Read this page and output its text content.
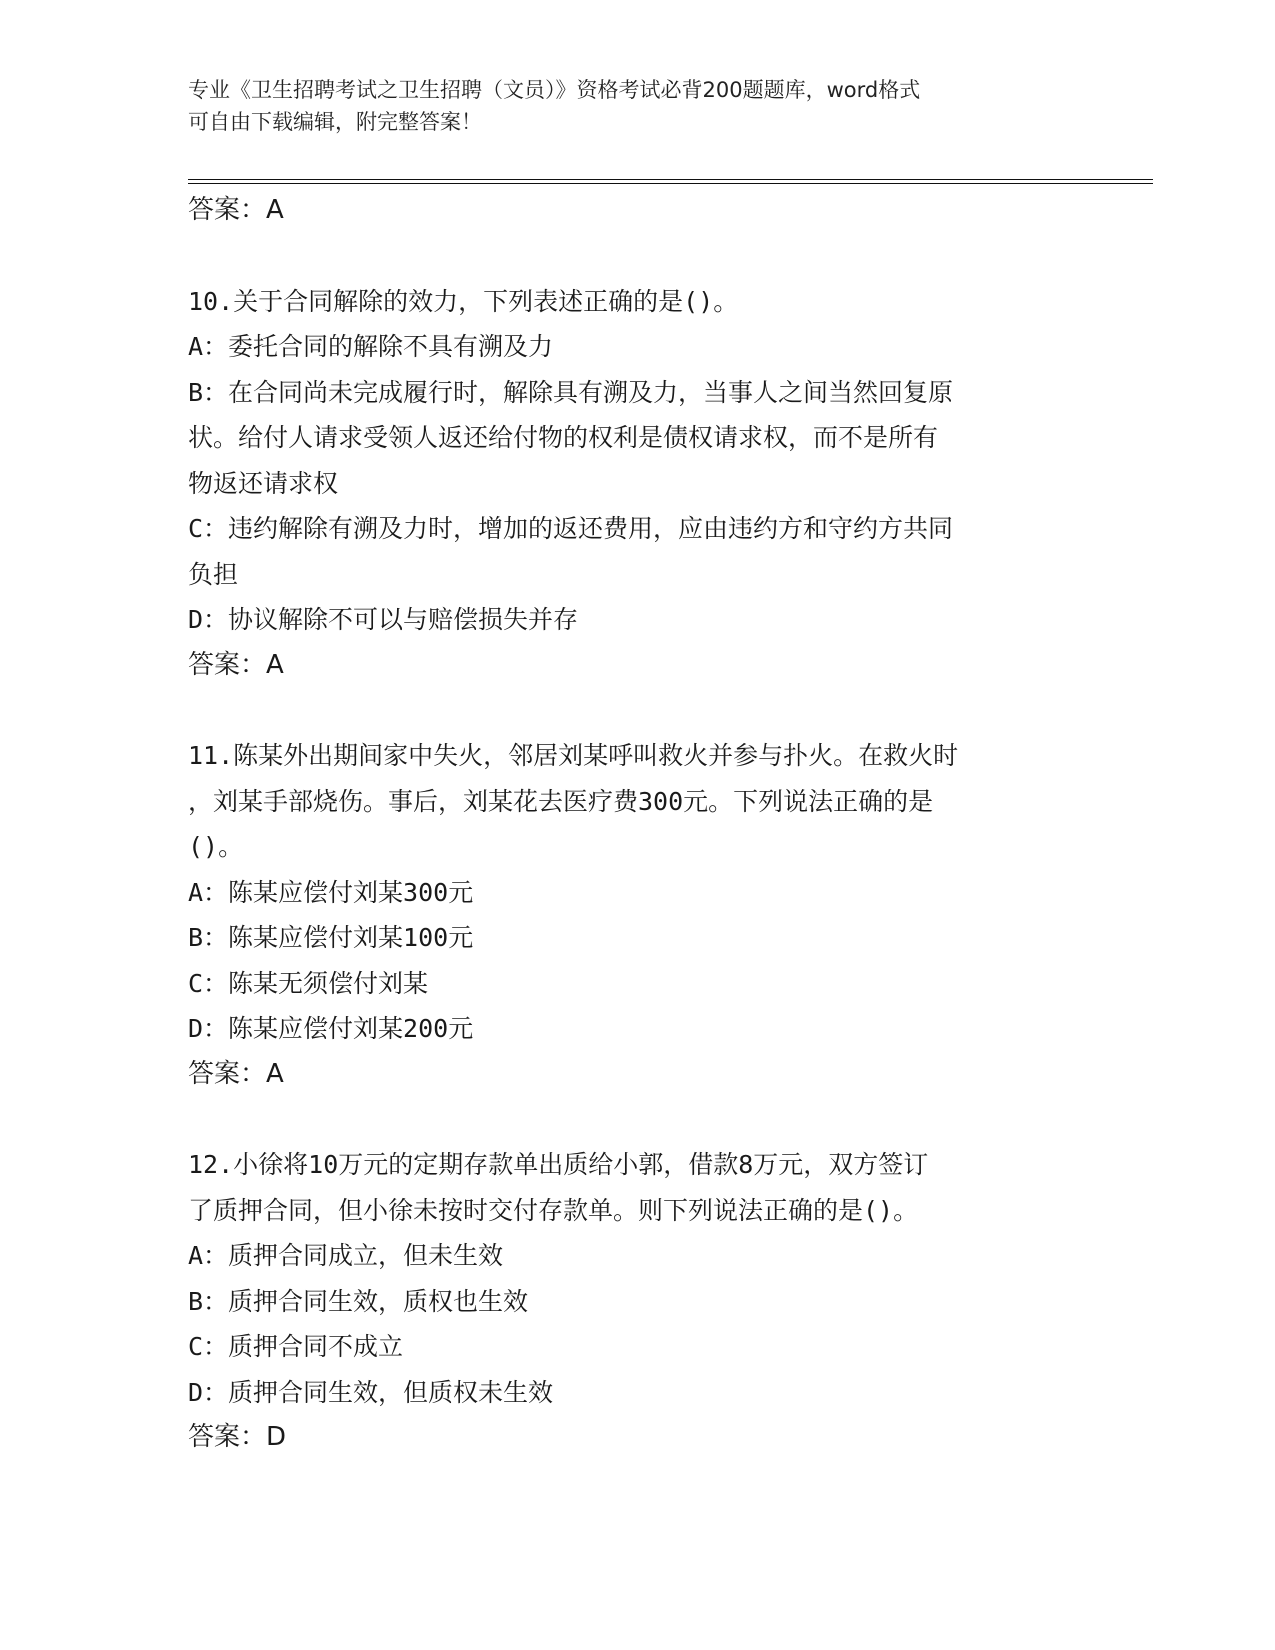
专业《卫生招聘考试之卫生招聘（文员）》资格考试必背200题题库，word格式
可自由下载编辑，附完整答案！
答案：A
10.关于合同解除的效力，下列表述正确的是()。
A：委托合同的解除不具有溯及力
B：在合同尚未完成履行时，解除具有溯及力，当事人之间当然回复原
状。给付人请求受领人返还给付物的权利是债权请求权，而不是所有
物返还请求权
C：违约解除有溯及力时，增加的返还费用，应由违约方和守约方共同
负担
D：协议解除不可以与赔偿损失并存
答案：A
11.陈某外出期间家中失火，邻居刘某呼叫救火并参与扑火。在救火时
，刘某手部烧伤。事后，刘某花去医疗费300元。下列说法正确的是
()。
A：陈某应偿付刘某300元
B：陈某应偿付刘某100元
C：陈某无须偿付刘某
D：陈某应偿付刘某200元
答案：A
12.小徐将10万元的定期存款单出质给小郭，借款8万元，双方签订
了质押合同，但小徐未按时交付存款单。则下列说法正确的是()。
A：质押合同成立，但未生效
B：质押合同生效，质权也生效
C：质押合同不成立
D：质押合同生效，但质权未生效
答案：D
